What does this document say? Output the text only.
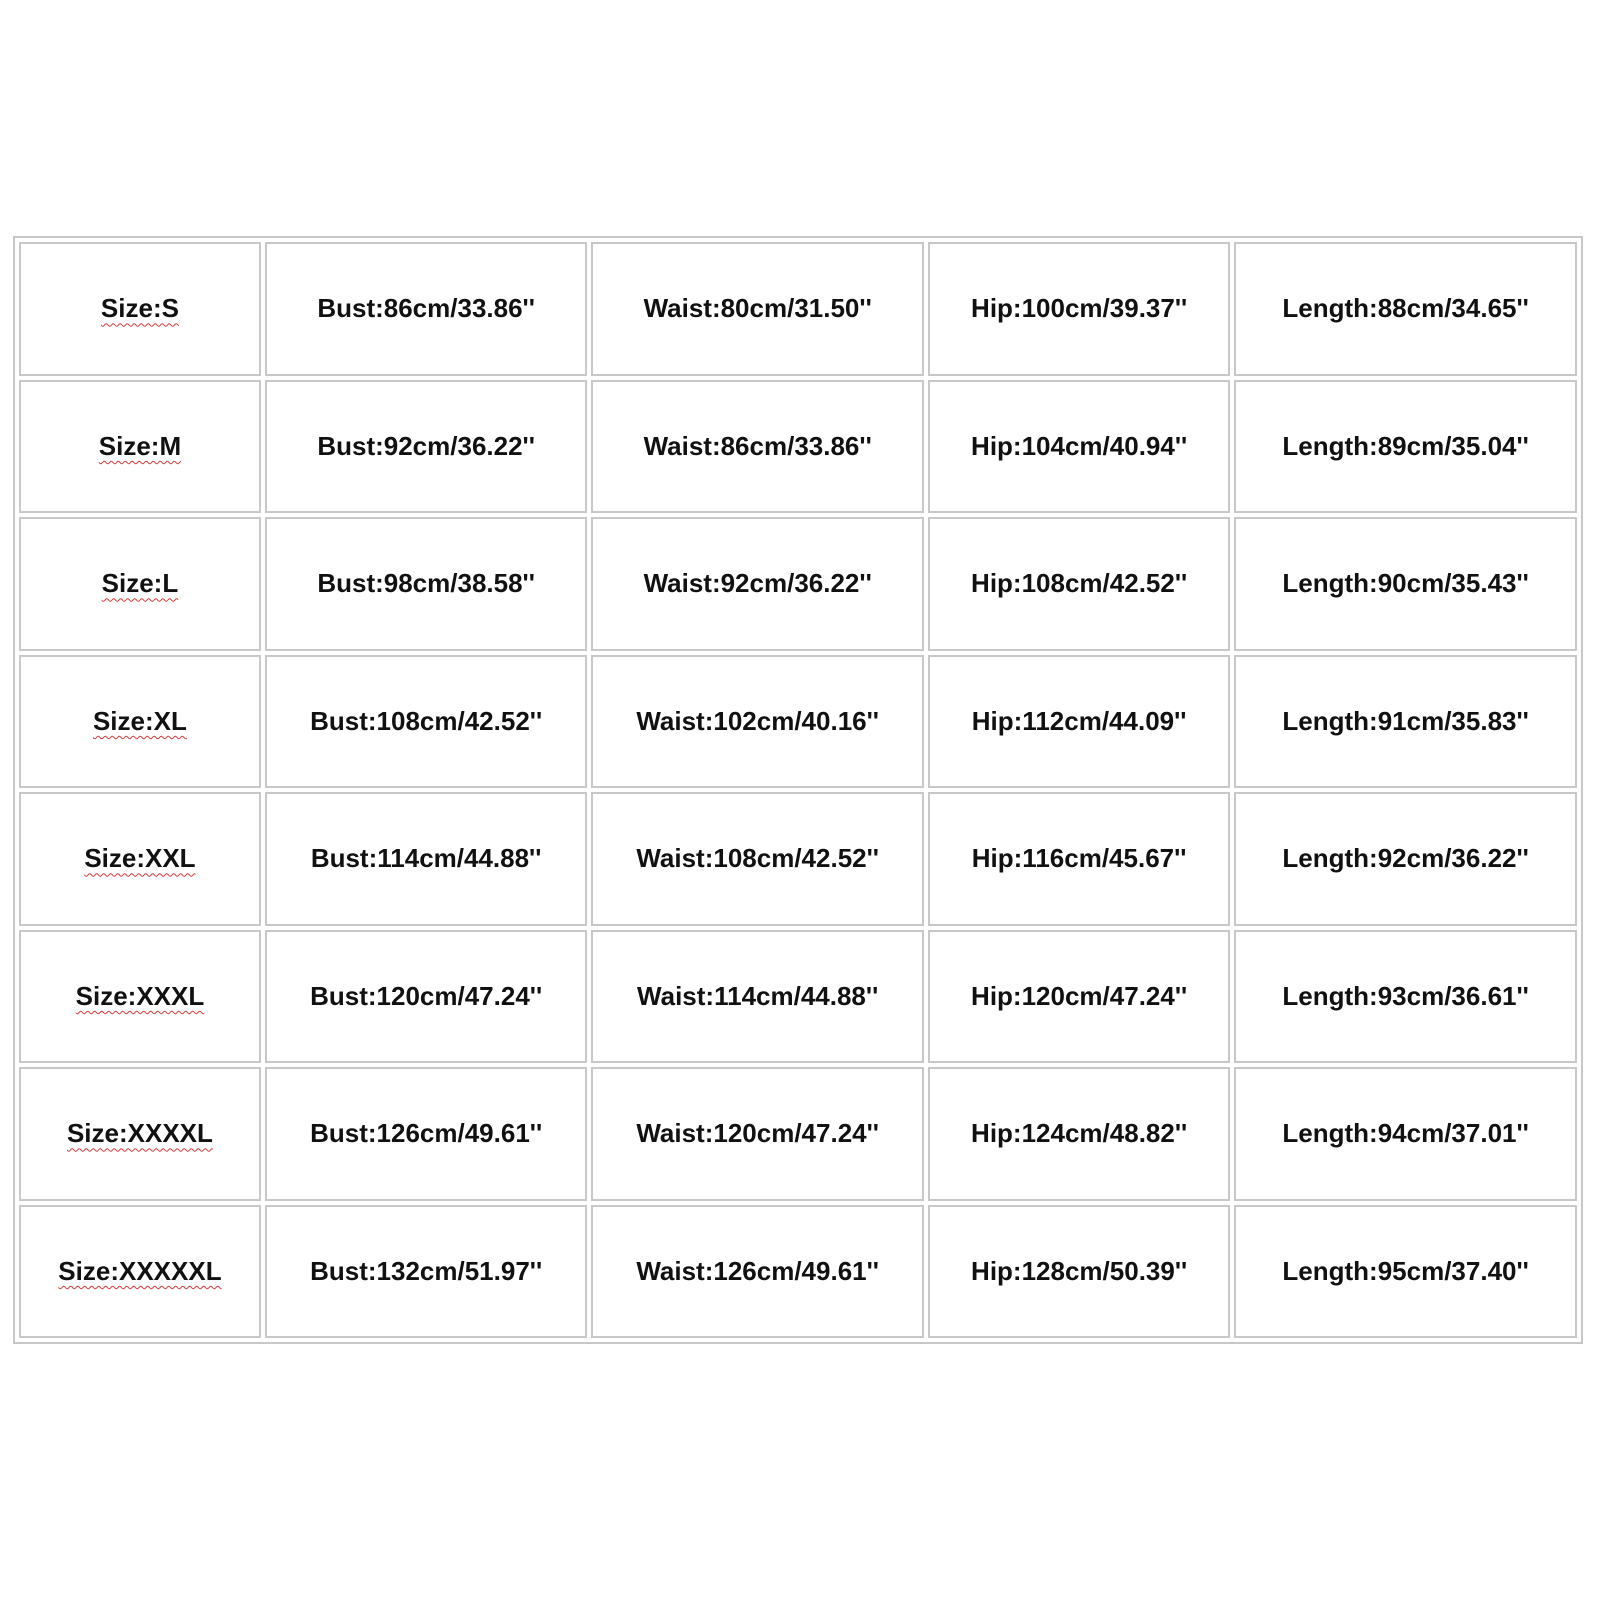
Size:S	Bust:86cm/33.86''	Waist:80cm/31.50''	Hip:100cm/39.37''	Length:88cm/34.65''
Size:M	Bust:92cm/36.22''	Waist:86cm/33.86''	Hip:104cm/40.94''	Length:89cm/35.04''
Size:L	Bust:98cm/38.58''	Waist:92cm/36.22''	Hip:108cm/42.52''	Length:90cm/35.43''
Size:XL	Bust:108cm/42.52''	Waist:102cm/40.16''	Hip:112cm/44.09''	Length:91cm/35.83''
Size:XXL	Bust:114cm/44.88''	Waist:108cm/42.52''	Hip:116cm/45.67''	Length:92cm/36.22''
Size:XXXL	Bust:120cm/47.24''	Waist:114cm/44.88''	Hip:120cm/47.24''	Length:93cm/36.61''
Size:XXXXL	Bust:126cm/49.61''	Waist:120cm/47.24''	Hip:124cm/48.82''	Length:94cm/37.01''
Size:XXXXXL	Bust:132cm/51.97''	Waist:126cm/49.61''	Hip:128cm/50.39''	Length:95cm/37.40''
